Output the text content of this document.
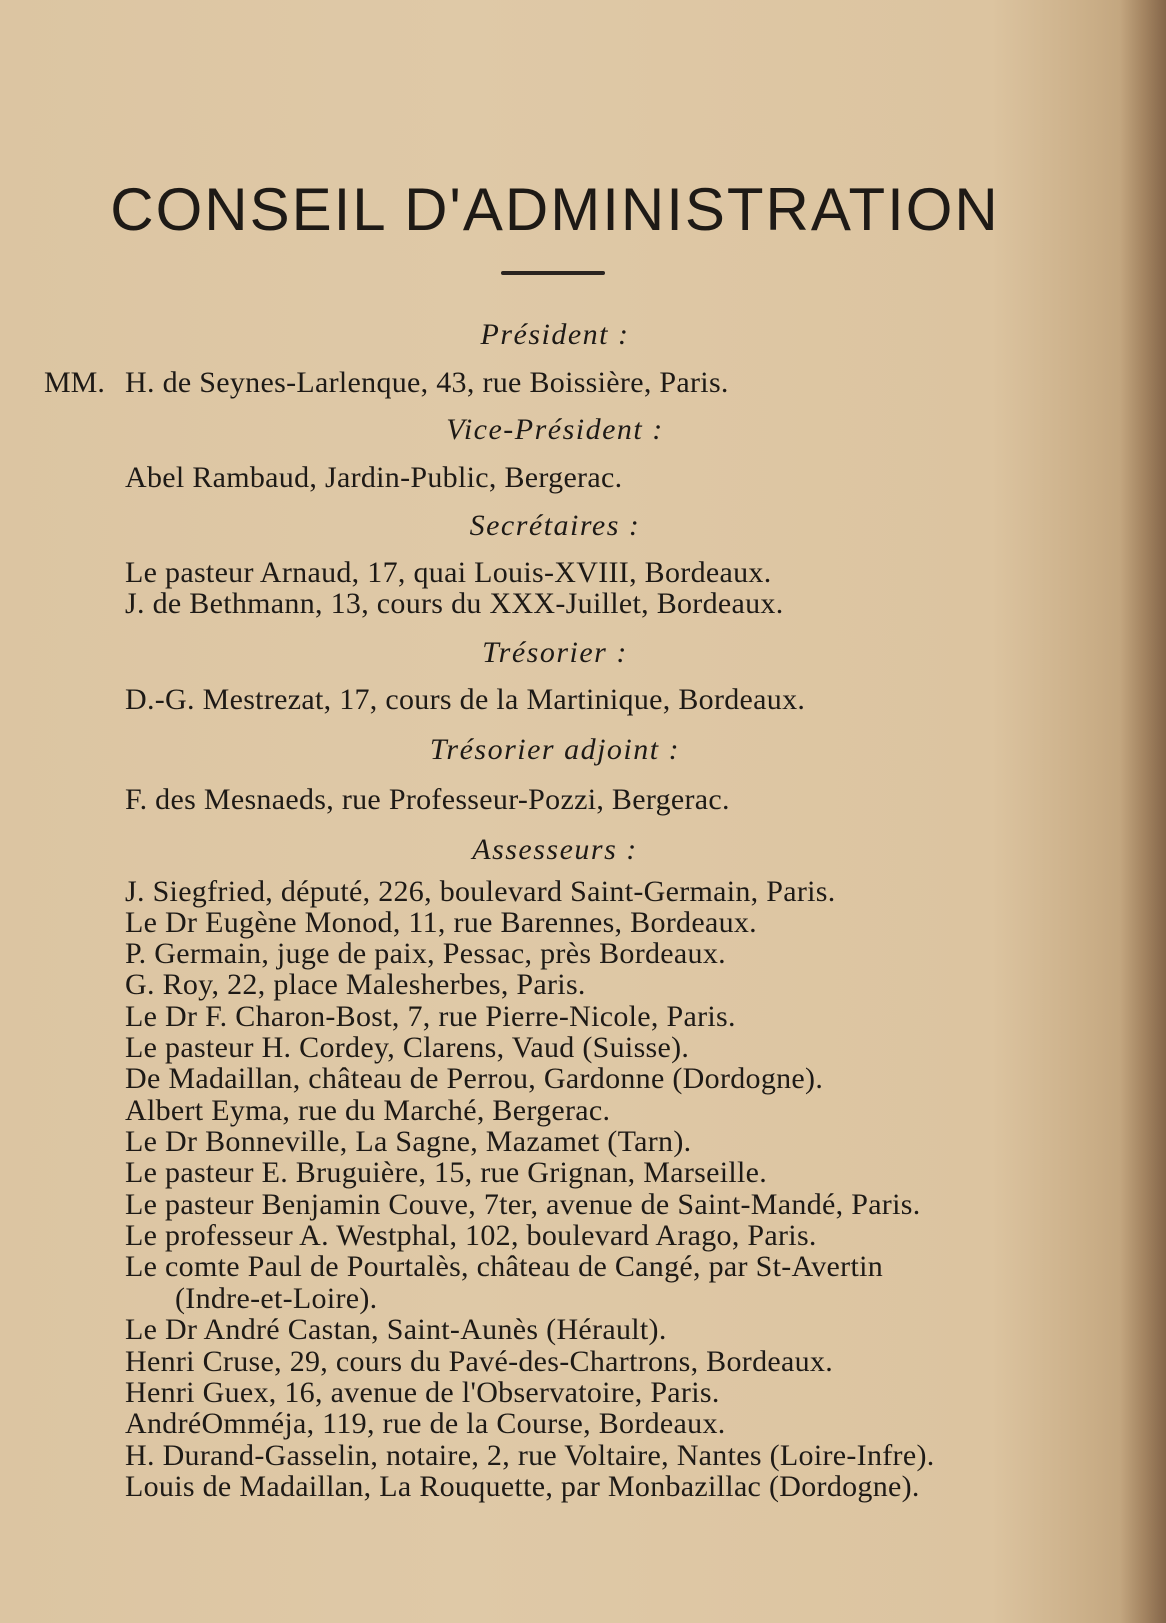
CONSEIL D'ADMINISTRATION
Président :
MM. H. de Seynes-Larlenque, 43, rue Boissière, Paris.
Vice-Président :
Abel Rambaud, Jardin-Public, Bergerac.
Secrétaires :
Le pasteur Arnaud, 17, quai Louis-XVIII, Bordeaux.
J. de Bethmann, 13, cours du XXX-Juillet, Bordeaux.
Trésorier :
D.-G. Mestrezat, 17, cours de la Martinique, Bordeaux.
Trésorier adjoint :
F. des Mesnaeds, rue Professeur-Pozzi, Bergerac.
Assesseurs :
J. Siegfried, député, 226, boulevard Saint-Germain, Paris.
Le Dr Eugène Monod, 11, rue Barennes, Bordeaux.
P. Germain, juge de paix, Pessac, près Bordeaux.
G. Roy, 22, place Malesherbes, Paris.
Le Dr F. Charon-Bost, 7, rue Pierre-Nicole, Paris.
Le pasteur H. Cordey, Clarens, Vaud (Suisse).
De Madaillan, château de Perrou, Gardonne (Dordogne).
Albert Eyma, rue du Marché, Bergerac.
Le Dr Bonneville, La Sagne, Mazamet (Tarn).
Le pasteur E. Bruguière, 15, rue Grignan, Marseille.
Le pasteur Benjamin Couve, 7ter, avenue de Saint-Mandé, Paris.
Le professeur A. Westphal, 102, boulevard Arago, Paris.
Le comte Paul de Pourtalès, château de Cangé, par St-Avertin
(Indre-et-Loire).
Le Dr André Castan, Saint-Aunès (Hérault).
Henri Cruse, 29, cours du Pavé-des-Chartrons, Bordeaux.
Henri Guex, 16, avenue de l'Observatoire, Paris.
AndréOmméja, 119, rue de la Course, Bordeaux.
H. Durand-Gasselin, notaire, 2, rue Voltaire, Nantes (Loire-Infre).
Louis de Madaillan, La Rouquette, par Monbazillac (Dordogne).
